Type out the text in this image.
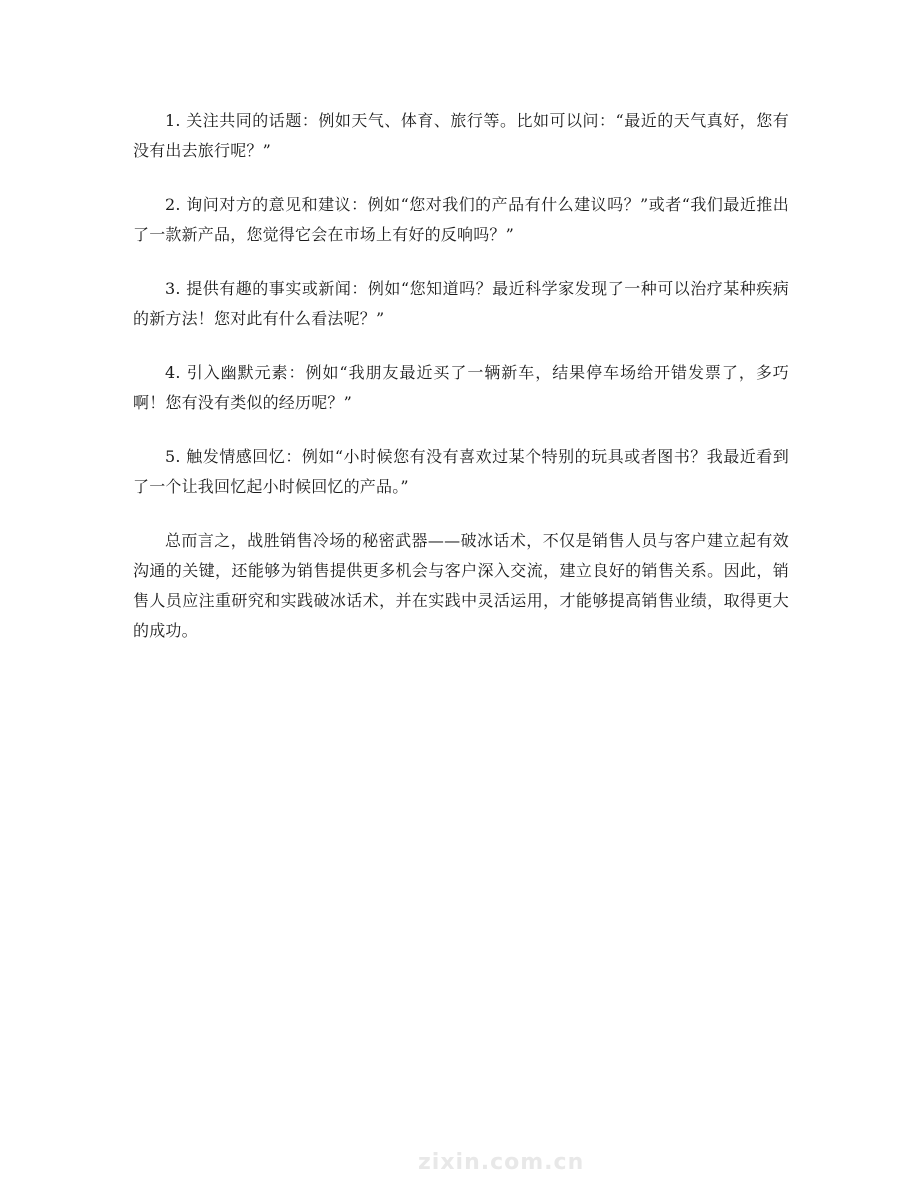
1. 关注共同的话题：例如天气、体育、旅行等。比如可以问：“最近的天气真好，您有没有出去旅行呢？”

2. 询问对方的意见和建议：例如“您对我们的产品有什么建议吗？”或者“我们最近推出了一款新产品，您觉得它会在市场上有好的反响吗？”

3. 提供有趣的事实或新闻：例如“您知道吗？最近科学家发现了一种可以治疗某种疾病的新方法！您对此有什么看法呢？”

4. 引入幽默元素：例如“我朋友最近买了一辆新车，结果停车场给开错发票了，多巧啊！您有没有类似的经历呢？”

5. 触发情感回忆：例如“小时候您有没有喜欢过某个特别的玩具或者图书？我最近看到了一个让我回忆起小时候回忆的产品。”

总而言之，战胜销售冷场的秘密武器——破冰话术，不仅是销售人员与客户建立起有效沟通的关键，还能够为销售提供更多机会与客户深入交流，建立良好的销售关系。因此，销售人员应注重研究和实践破冰话术，并在实践中灵活运用，才能够提高销售业绩，取得更大的成功。

zixin.com.cn
